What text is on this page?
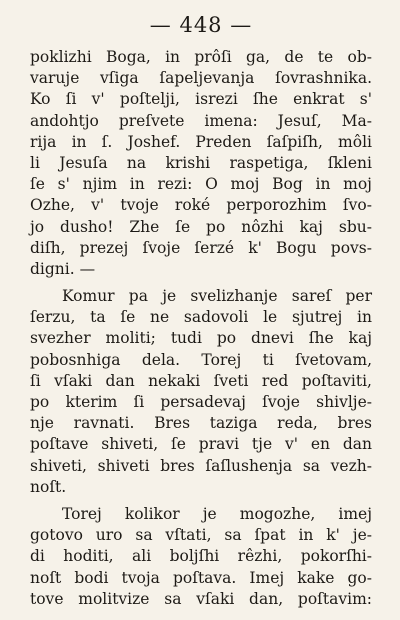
— 448 —
poklizhi Boga, in prôſi ga, de te ob-
varuje vſiga ſapeljevanja ſovrashnika.
Ko ſi v' poſtelji, isrezi ſhe enkrat s'
andohtjo preſvete imena: Jesuſ, Ma-
rija in ſ. Joshef. Preden ſaſpiſh, môli
li Jesuſa na krishi raspetiga, ſkleni
ſe s' njim in rezi: O moj Bog in moj
Ozhe, v' tvoje roké perporozhim ſvo-
jo dusho! Zhe ſe po nôzhi kaj sbu-
diſh, prezej ſvoje ſerzé k' Bogu povs-
digni. —
Komur pa je svelizhanje sareſ per
ſerzu, ta ſe ne sadovoli le sjutrej in
svezher moliti; tudi po dnevi ſhe kaj
pobosnhiga dela. Torej ti ſvetovam,
ſi vſaki dan nekaki ſveti red poſtaviti,
po kterim ſi persadevaj ſvoje shivlje-
nje ravnati. Bres taziga reda, bres
poſtave shiveti, ſe pravi tje v' en dan
shiveti, shiveti bres ſaſlushenja sa vezh-
noſt.
Torej kolikor je mogozhe, imej
gotovo uro sa vſtati, sa ſpat in k' je-
di hoditi, ali boljſhi rêzhi, pokorſhi-
noſt bodi tvoja poſtava. Imej kake go-
tove molitvize sa vſaki dan, poſtavim:
